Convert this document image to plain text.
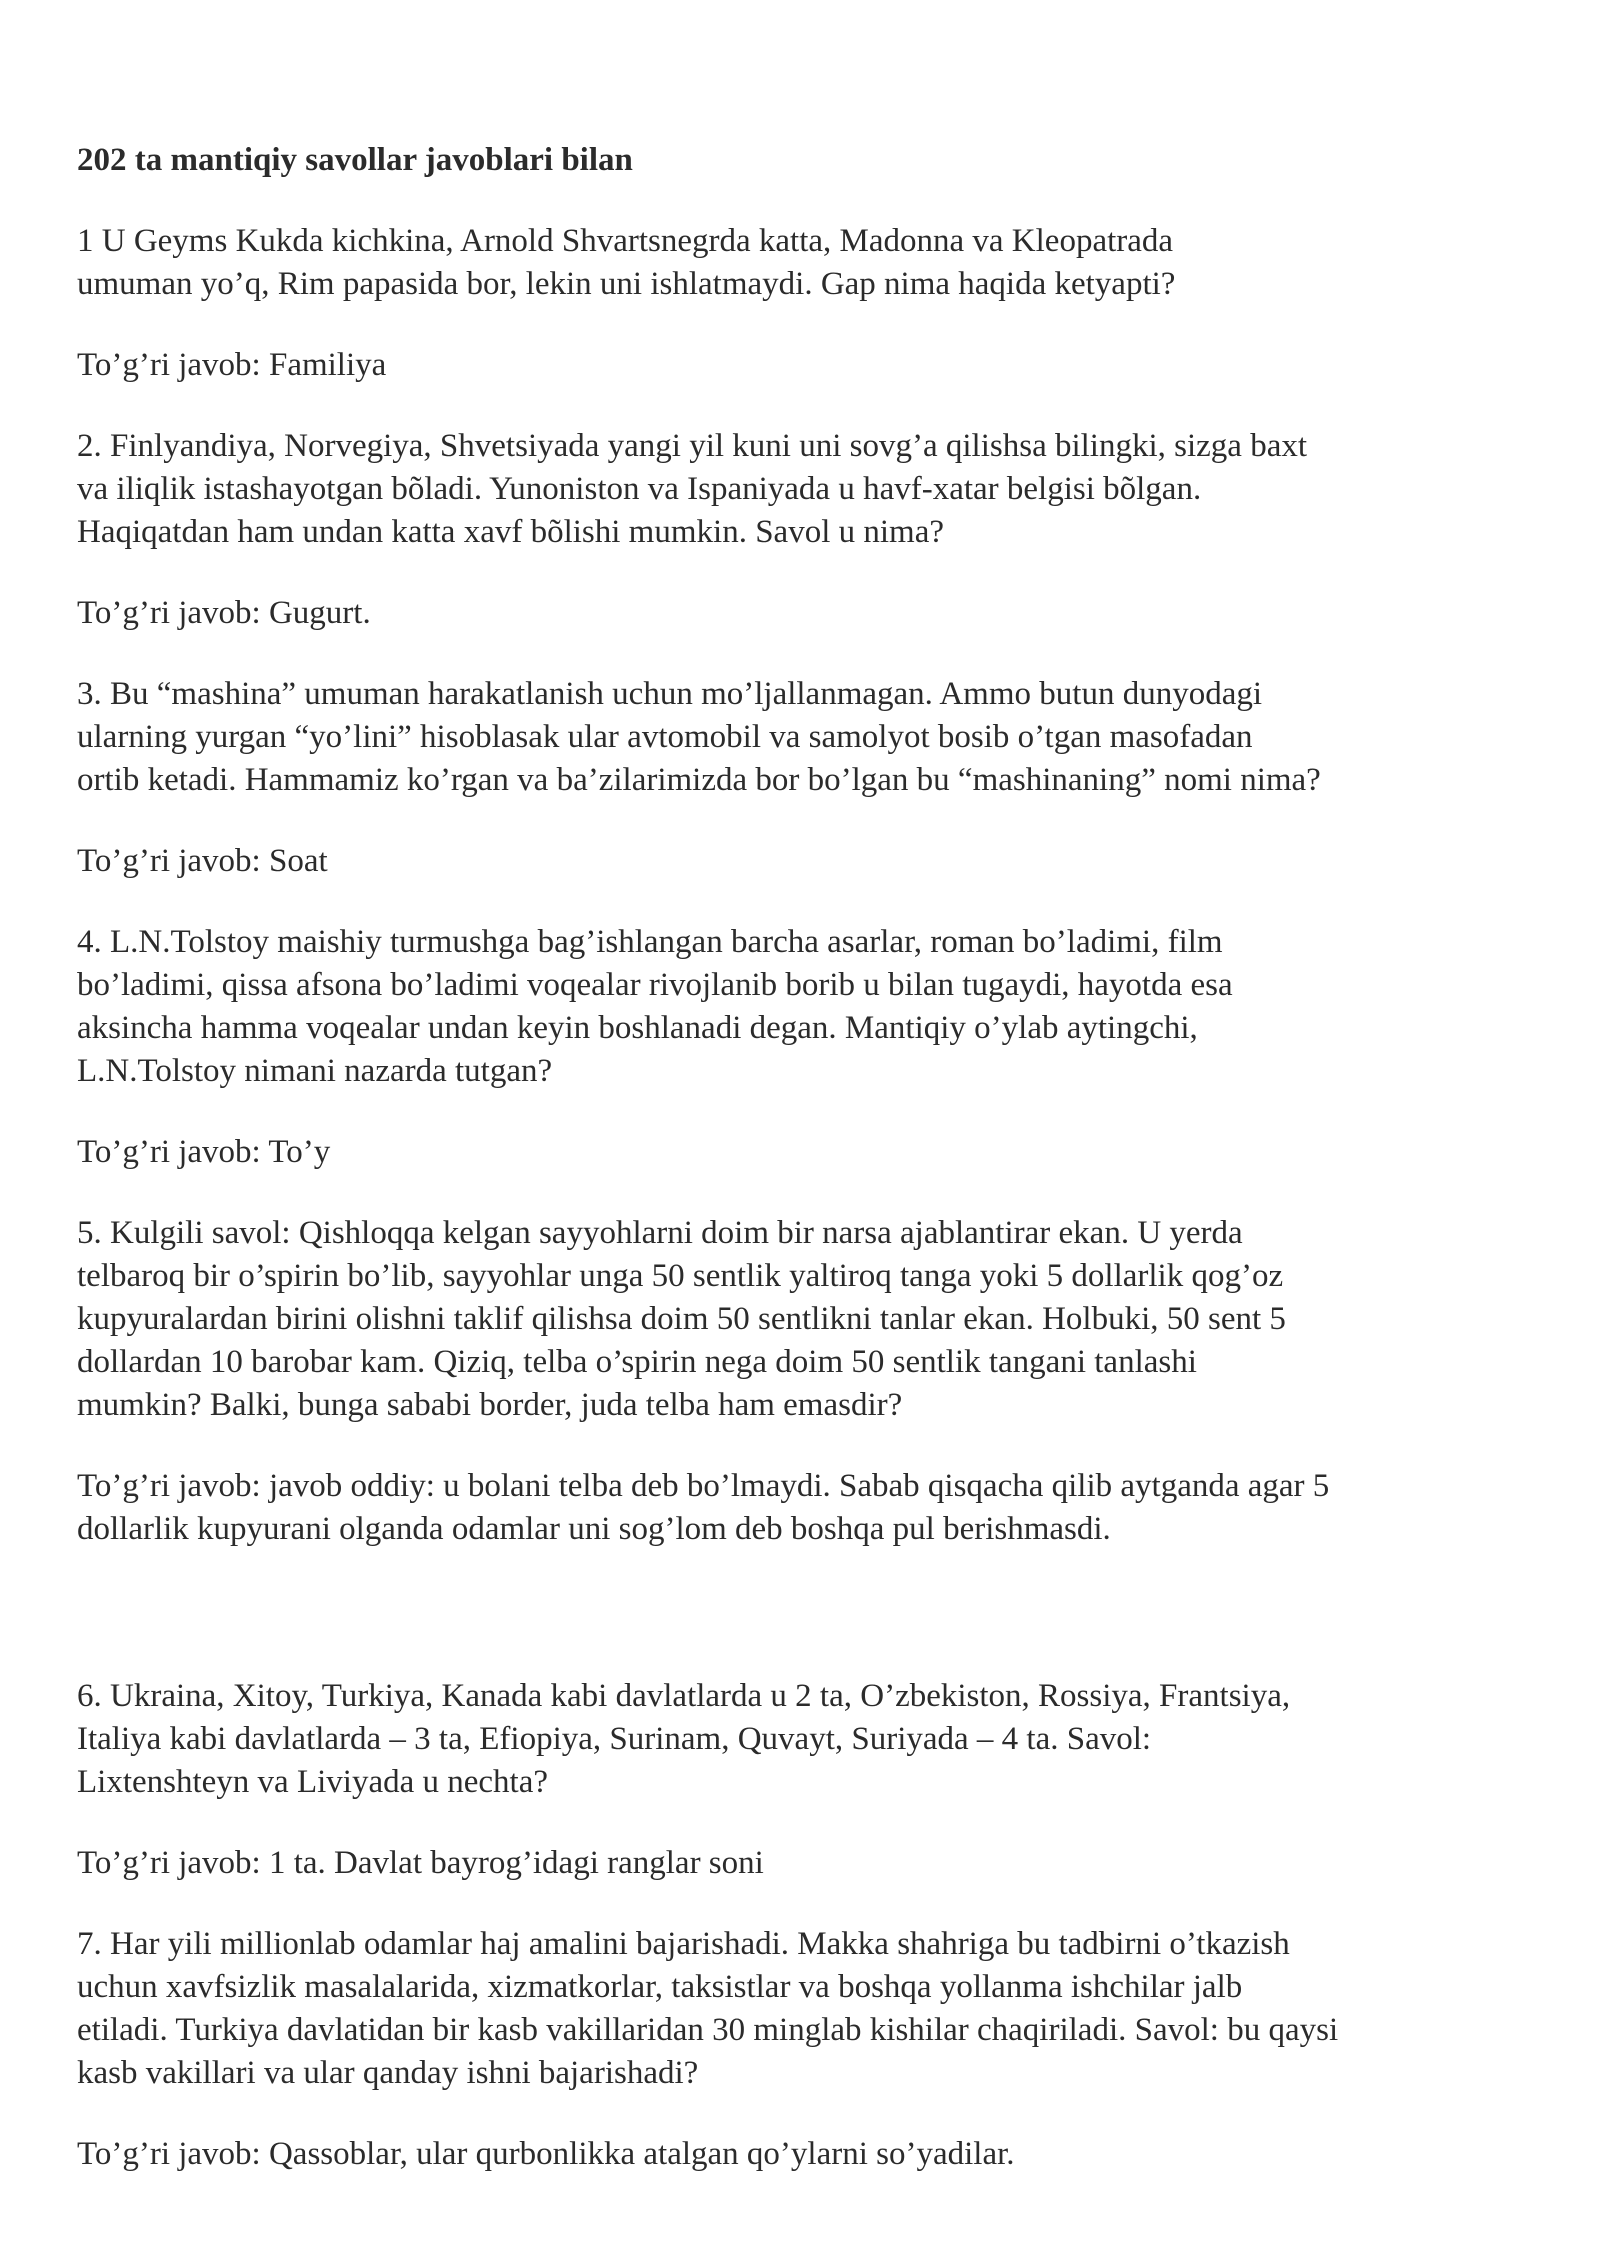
202 ta mantiqiy savollar javoblari bilan
1 U Geyms Kukda kichkina, Arnold Shvartsnegrda katta, Madonna va Kleopatrada
umuman yo’q, Rim papasida bor, lekin uni ishlatmaydi. Gap nima haqida ketyapti?
To’g’ri javob: Familiya
2. Finlyandiya, Norvegiya, Shvetsiyada yangi yil kuni uni sovg’a qilishsa bilingki, sizga baxt
va iliqlik istashayotgan bõladi. Yunoniston va Ispaniyada u havf-xatar belgisi bõlgan.
Haqiqatdan ham undan katta xavf bõlishi mumkin. Savol u nima?
To’g’ri javob: Gugurt.
3. Bu “mashina” umuman harakatlanish uchun mo’ljallanmagan. Ammo butun dunyodagi
ularning yurgan “yo’lini” hisoblasak ular avtomobil va samolyot bosib o’tgan masofadan
ortib ketadi. Hammamiz ko’rgan va ba’zilarimizda bor bo’lgan bu “mashinaning” nomi nima?
To’g’ri javob: Soat
4. L.N.Tolstoy maishiy turmushga bag’ishlangan barcha asarlar, roman bo’ladimi, film
bo’ladimi, qissa afsona bo’ladimi voqealar rivojlanib borib u bilan tugaydi, hayotda esa
aksincha hamma voqealar undan keyin boshlanadi degan. Mantiqiy o’ylab aytingchi,
L.N.Tolstoy nimani nazarda tutgan?
To’g’ri javob: To’y
5. Kulgili savol: Qishloqqa kelgan sayyohlarni doim bir narsa ajablantirar ekan. U yerda
telbaroq bir o’spirin bo’lib, sayyohlar unga 50 sentlik yaltiroq tanga yoki 5 dollarlik qog’oz
kupyuralardan birini olishni taklif qilishsa doim 50 sentlikni tanlar ekan. Holbuki, 50 sent 5
dollardan 10 barobar kam. Qiziq, telba o’spirin nega doim 50 sentlik tangani tanlashi
mumkin? Balki, bunga sababi border, juda telba ham emasdir?
To’g’ri javob: javob oddiy: u bolani telba deb bo’lmaydi. Sabab qisqacha qilib aytganda agar 5
dollarlik kupyurani olganda odamlar uni sog’lom deb boshqa pul berishmasdi.
6. Ukraina, Xitoy, Turkiya, Kanada kabi davlatlarda u 2 ta, O’zbekiston, Rossiya, Frantsiya,
Italiya kabi davlatlarda – 3 ta, Efiopiya, Surinam, Quvayt, Suriyada – 4 ta. Savol:
Lixtenshteyn va Liviyada u nechta?
To’g’ri javob: 1 ta. Davlat bayrog’idagi ranglar soni
7. Har yili millionlab odamlar haj amalini bajarishadi. Makka shahriga bu tadbirni o’tkazish
uchun xavfsizlik masalalarida, xizmatkorlar, taksistlar va boshqa yollanma ishchilar jalb
etiladi. Turkiya davlatidan bir kasb vakillaridan 30 minglab kishilar chaqiriladi. Savol: bu qaysi
kasb vakillari va ular qanday ishni bajarishadi?
To’g’ri javob: Qassoblar, ular qurbonlikka atalgan qo’ylarni so’yadilar.
